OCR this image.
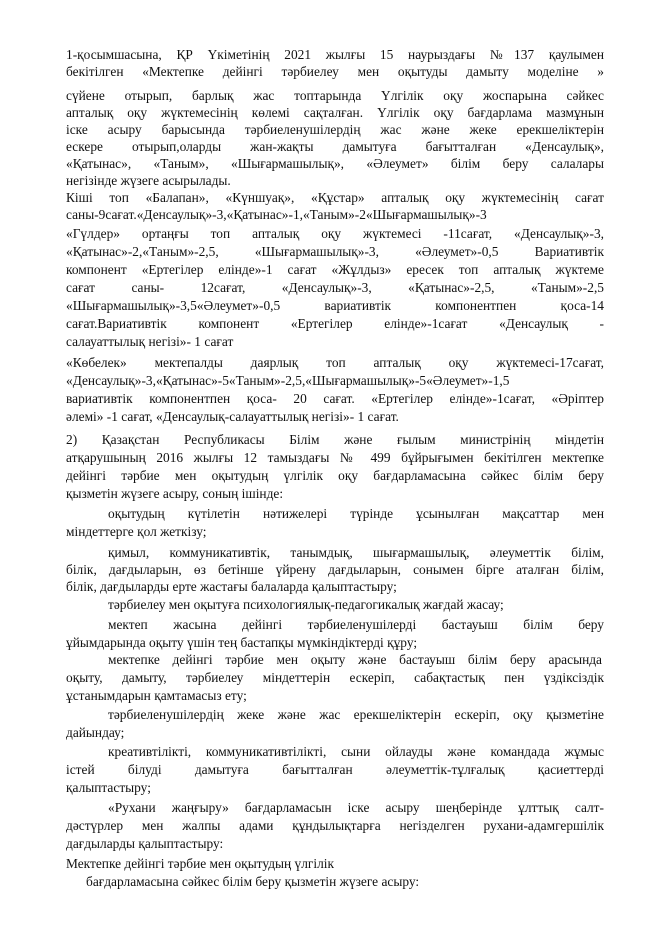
1-қосымшасына, ҚР Үкіметінің 2021 жылғы 15 наурыздағы №137 қаулымен
бекітілген «Мектепке дейінгі тәрбиелеу мен оқытуды дамыту моделіне »
сүйене отырып, барлық жас топтарында Үлгілік оқу жоспарына сәйкес
апталық оқу жүктемесінің көлемі сақталған. Үлгілік оқу бағдарлама мазмұнын
іске асыру барысында тәрбиеленушілердің жас және жеке ерекшеліктерін
ескере отырып,оларды жан-жақты дамытуға бағытталған «Денсаулық»,
«Қатынас», «Таным», «Шығармашылық», «Әлеумет» білім беру салалары
негізінде жүзеге асырылады.
Кіші топ «Балапан», «Күншуақ», «Құстар» апталық оқу жүктемесінің сағат
саны-9сағат.«Денсаулық»-3,«Қатынас»-1,«Таным»-2«Шығармашылық»-3
«Гүлдер» ортаңғы топ апталық оқу жүктемесі -11сағат, «Денсаулық»-3,
«Қатынас»-2,«Таным»-2,5, «Шығармашылық»-3, «Әлеумет»-0,5 Вариативтік
компонент «Ертегілер елінде»-1 сағат «Жұлдыз» ересек топ апталық жүктеме
сағат саны- 12сағат, «Денсаулық»-3, «Қатынас»-2,5, «Таным»-2,5
«Шығармашылық»-3,5«Әлеумет»-0,5 вариативтік компонентпен қоса-14
сағат.Вариативтік компонент «Ертегілер елінде»-1сағат «Денсаулық -
салауаттылық негізі»- 1 сағат
«Көбелек» мектепалды даярлық топ апталық оқу жүктемесі-17сағат,
«Денсаулық»-3,«Қатынас»-5«Таным»-2,5,«Шығармашылық»-5«Әлеумет»-1,5
вариативтік компонентпен қоса- 20 сағат. «Ертегілер елінде»-1сағат, «Әріптер
әлемі» -1 сағат, «Денсаулық-салауаттылық негізі»- 1 сағат.
2) Қазақстан Республикасы Білім және ғылым министрінің міндетін
атқарушының 2016 жылғы 12 тамыздағы № 499 бұйрығымен бекітілген мектепке
дейінгі тәрбие мен оқытудың үлгілік оқу бағдарламасына сәйкес білім беру
қызметін жүзеге асыру, соның ішінде:
оқытудың күтілетін нәтижелері түрінде ұсынылған мақсаттар мен
міндеттерге қол жеткізу;
қимыл, коммуникативтік, танымдық, шығармашылық, әлеуметтік білім,
білік, дағдыларын, өз бетінше үйрену дағдыларын, сонымен бірге аталған білім,
білік, дағдыларды ерте жастағы балаларда қалыптастыру;
тәрбиелеу мен оқытуға психологиялық-педагогикалық жағдай жасау;
мектеп жасына дейінгі тәрбиеленушілерді бастауыш білім беру
ұйымдарында оқыту үшін тең бастапқы мүмкіндіктерді құру;
мектепке дейінгі тәрбие мен оқыту және бастауыш білім беру арасында
оқыту, дамыту, тәрбиелеу міндеттерін ескеріп, сабақтастық пен үздіксіздік
ұстанымдарын қамтамасыз ету;
тәрбиеленушілердің жеке және жас ерекшеліктерін ескеріп, оқу қызметіне
дайындау;
креативтілікті, коммуникативтілікті, сыни ойлауды және командада жұмыс
істей білуді дамытуға бағытталған әлеуметтік-тұлғалық қасиеттерді
қалыптастыру;
«Рухани жаңғыру» бағдарламасын іске асыру шеңберінде ұлттық салт-
дәстүрлер мен жалпы адами құндылықтарға негізделген рухани-адамгершілік
дағдыларды қалыптастыру:
Мектепке дейінгі тәрбие мен оқытудың үлгілік
бағдарламасына сәйкес білім беру қызметін жүзеге асыру:
